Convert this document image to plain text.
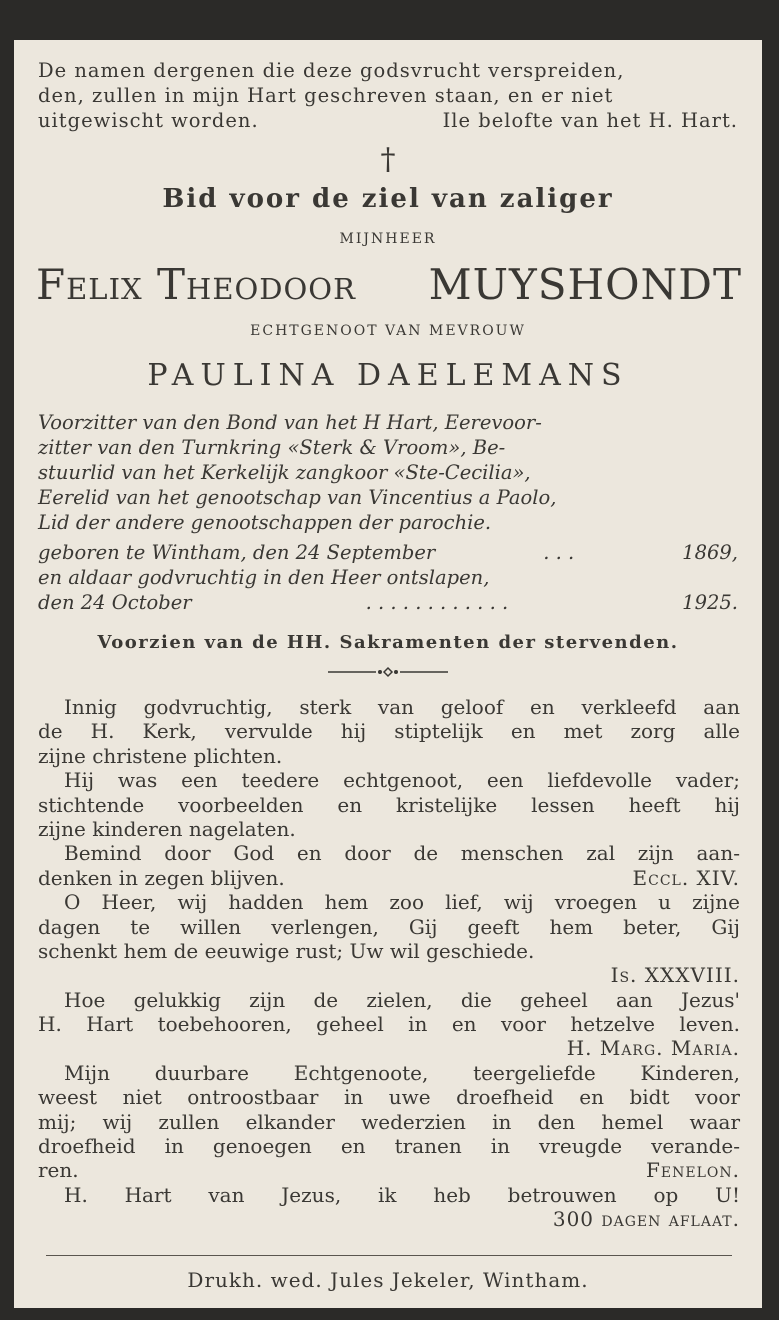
De namen dergenen die deze godsvrucht verspreiden,
den, zullen in mijn Hart geschreven staan, en er niet
uitgewischt worden.	Ile belofte van het H. Hart.
†
Bid voor de ziel van zaliger
MIJNHEER
Felix Theodoor MUYSHONDT
ECHTGENOOT VAN MEVROUW
PAULINA DAELEMANS
Voorzitter van den Bond van het H Hart, Eerevoor-
zitter van den Turnkring «Sterk & Vroom», Be-
stuurlid van het Kerkelijk zangkoor «Ste-Cecilia»,
Eerelid van het genootschap van Vincentius a Paolo,
Lid der andere genootschappen der parochie.
geboren te Wintham, den 24 September	. . .	1869,
en aldaar godvruchtig in den Heer ontslapen,
den 24 October	. . . . . . . . . . . .	1925.
Voorzien van de HH. Sakramenten der stervenden.
Innig godvruchtig, sterk van geloof en verkleefd aan
de H. Kerk, vervulde hij stiptelijk en met zorg alle
zijne christene plichten.
Hij was een teedere echtgenoot, een liefdevolle vader;
stichtende voorbeelden en kristelijke lessen heeft hij
zijne kinderen nagelaten.
Bemind door God en door de menschen zal zijn aan-
denken in zegen blijven.	Eccl. XIV.
O Heer, wij hadden hem zoo lief, wij vroegen u zijne
dagen te willen verlengen, Gij geeft hem beter, Gij
schenkt hem de eeuwige rust; Uw wil geschiede.
Is. XXXVIII.
Hoe gelukkig zijn de zielen, die geheel aan Jezus'
H. Hart toebehooren, geheel in en voor hetzelve leven.
H. Marg. Maria.
Mijn duurbare Echtgenoote, teergeliefde Kinderen,
weest niet ontroostbaar in uwe droefheid en bidt voor
mij; wij zullen elkander wederzien in den hemel waar
droefheid in genoegen en tranen in vreugde verande-
ren.	Fenelon.
H. Hart van Jezus, ik heb betrouwen op U!
300 dagen aflaat.
Drukh. wed. Jules Jekeler, Wintham.
